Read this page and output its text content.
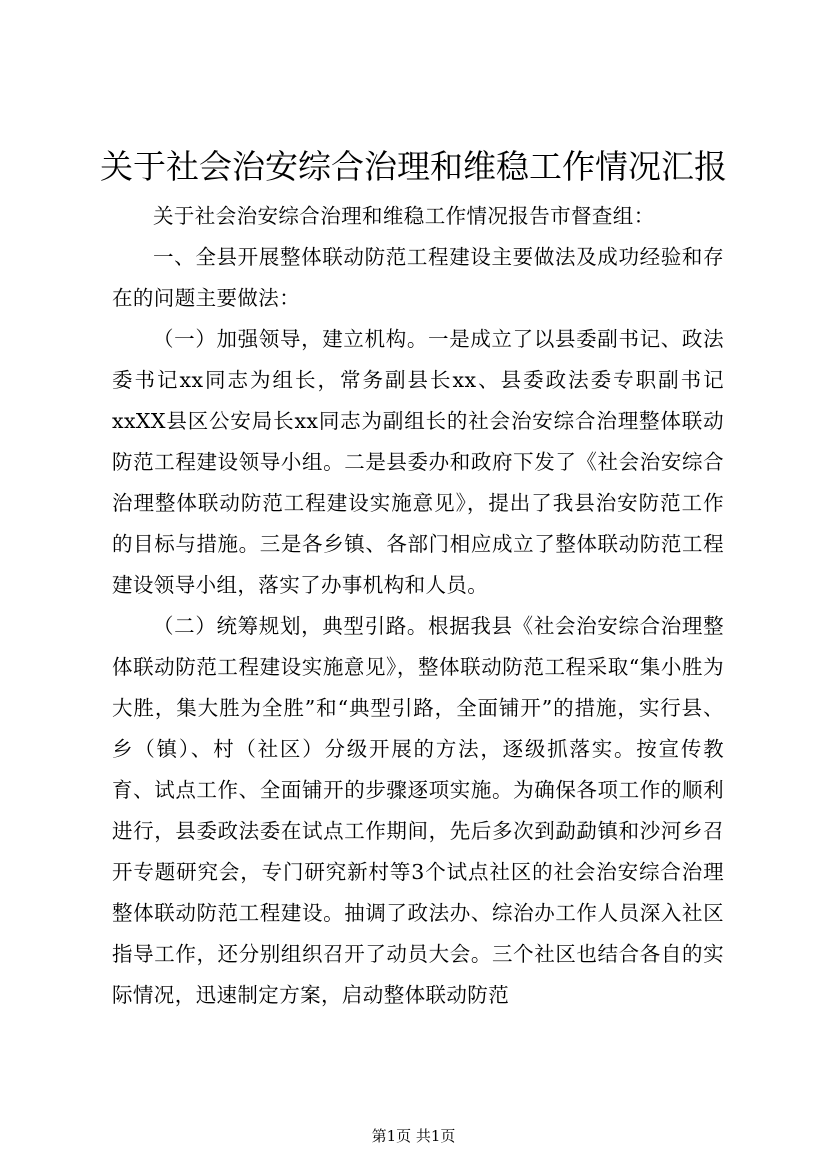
关于社会治安综合治理和维稳工作情况汇报

关于社会治安综合治理和维稳工作情况报告市督查组：

一、全县开展整体联动防范工程建设主要做法及成功经验和存在的问题主要做法：

（一）加强领导，建立机构。一是成立了以县委副书记、政法委书记xx同志为组长，常务副县长xx、县委政法委专职副书记xxXX县区公安局长xx同志为副组长的社会治安综合治理整体联动防范工程建设领导小组。二是县委办和政府下发了《社会治安综合治理整体联动防范工程建设实施意见》，提出了我县治安防范工作的目标与措施。三是各乡镇、各部门相应成立了整体联动防范工程建设领导小组，落实了办事机构和人员。

（二）统筹规划，典型引路。根据我县《社会治安综合治理整体联动防范工程建设实施意见》，整体联动防范工程采取“集小胜为大胜，集大胜为全胜”和“典型引路，全面铺开”的措施，实行县、乡（镇）、村（社区）分级开展的方法，逐级抓落实。按宣传教育、试点工作、全面铺开的步骤逐项实施。为确保各项工作的顺利进行，县委政法委在试点工作期间，先后多次到勐勐镇和沙河乡召开专题研究会，专门研究新村等3个试点社区的社会治安综合治理整体联动防范工程建设。抽调了政法办、综治办工作人员深入社区指导工作，还分别组织召开了动员大会。三个社区也结合各自的实际情况，迅速制定方案，启动整体联动防范

第1页 共1页
